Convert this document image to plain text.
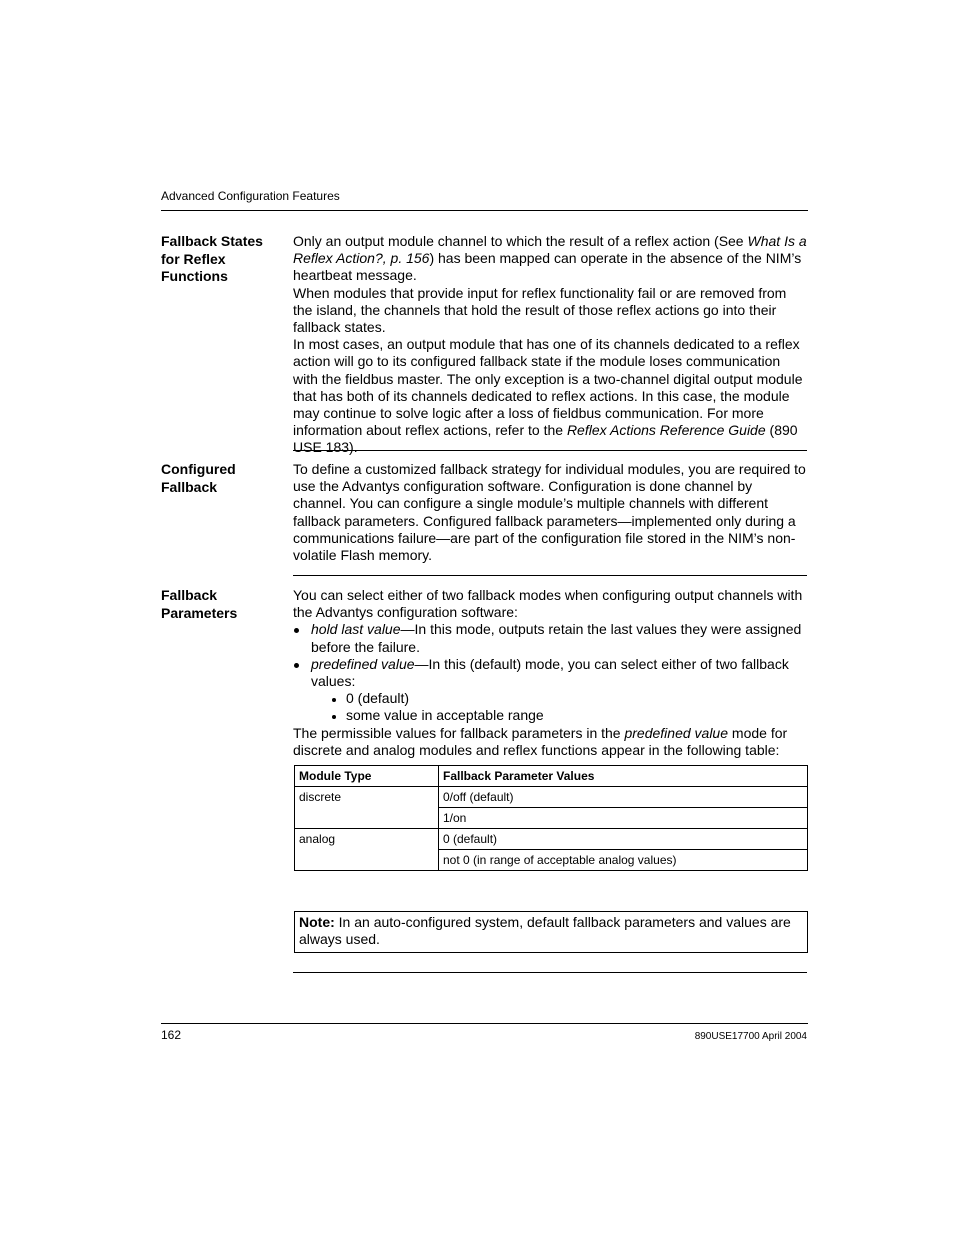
Advanced Configuration Features
Fallback States
for Reflex
Functions

Only an output module channel to which the result of a reflex action (See What Is a Reflex Action?, p. 156) has been mapped can operate in the absence of the NIM’s heartbeat message.

When modules that provide input for reflex functionality fail or are removed from the island, the channels that hold the result of those reflex actions go into their fallback states.

In most cases, an output module that has one of its channels dedicated to a reflex action will go to its configured fallback state if the module loses communication with the fieldbus master. The only exception is a two-channel digital output module that has both of its channels dedicated to reflex actions. In this case, the module may continue to solve logic after a loss of fieldbus communication. For more information about reflex actions, refer to the Reflex Actions Reference Guide (890 USE 183).

Configured
Fallback

To define a customized fallback strategy for individual modules, you are required to use the Advantys configuration software. Configuration is done channel by channel. You can configure a single module’s multiple channels with different fallback parameters. Configured fallback parameters—implemented only during a communications failure—are part of the configuration file stored in the NIM’s non-volatile Flash memory.

Fallback
Parameters

You can select either of two fallback modes when configuring output channels with the Advantys configuration software:

hold last value—In this mode, outputs retain the last values they were assigned before the failure.
predefined value—In this (default) mode, you can select either of two fallback values:
0 (default)
some value in acceptable range

The permissible values for fallback parameters in the predefined value mode for discrete and analog modules and reflex functions appear in the following table:

Module Type	Fallback Parameter Values
discrete	0/off (default)
	1/on
analog	0 (default)
	not 0 (in range of acceptable analog values)
Note: In an auto-configured system, default fallback parameters and values are always used.
162	890USE17700 April 2004
